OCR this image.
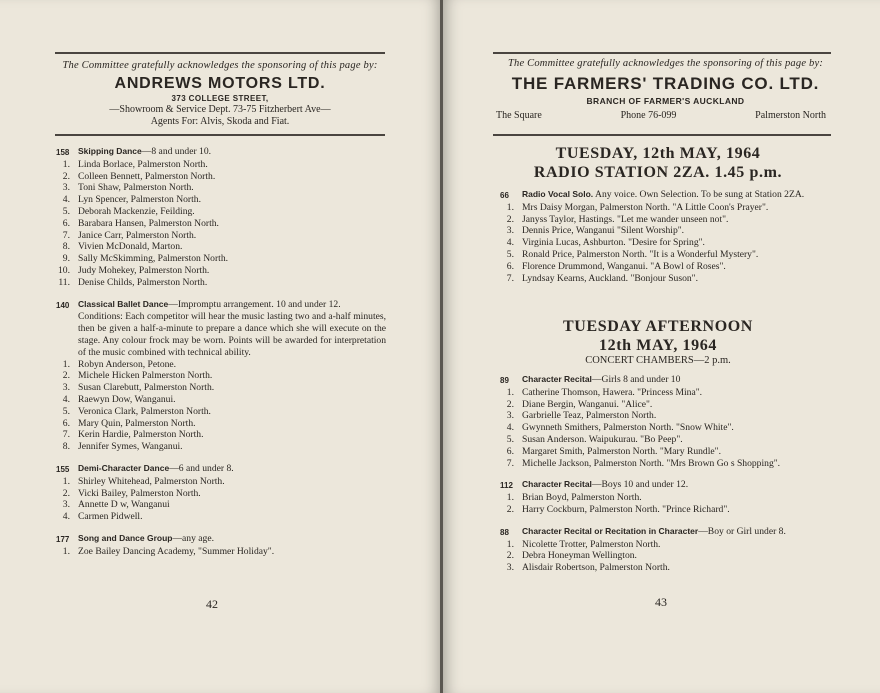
The Committee gratefully acknowledges the sponsoring of this page by:
ANDREWS MOTORS LTD.
373 COLLEGE STREET,
—Showroom & Service Dept. 73-75 Fitzherbert Ave—
Agents For: Alvis, Skoda and Fiat.
158	Skipping Dance—8 and under 10.
1. Linda Borlace, Palmerston North.
2. Colleen Bennett, Palmerston North.
3. Toni Shaw, Palmerston North.
4. Lyn Spencer, Palmerston North.
5. Deborah Mackenzie, Feilding.
6. Barabara Hansen, Palmerston North.
7. Janice Carr, Palmerston North.
8. Vivien McDonald, Marton.
9. Sally McSkimming, Palmerston North.
10. Judy Mohekey, Palmerston North.
11. Denise Childs, Palmerston North.
140	Classical Ballet Dance—Impromptu arrangement. 10 and under 12.
Conditions: Each competitor will hear the music lasting two and a-half minutes, then be given a half-a-minute to prepare a dance which she will execute on the stage. Any colour frock may be worn. Points will be awarded for interpretation of the music combined with technical ability.
1. Robyn Anderson, Petone.
2. Michele Hicken Palmerston North.
3. Susan Clarebutt, Palmerston North.
4. Raewyn Dow, Wanganui.
5. Veronica Clark, Palmerston North.
6. Mary Quin, Palmerston North.
7. Kerin Hardie, Palmerston North.
8. Jennifer Symes, Wanganui.
155	Demi-Character Dance—6 and under 8.
1. Shirley Whitehead, Palmerston North.
2. Vicki Bailey, Palmerston North.
3. Annette D w, Wanganui
4. Carmen Pidwell.
177	Song and Dance Group—any age.
1. Zoe Bailey Dancing Academy, "Summer Holiday".
42
The Committee gratefully acknowledges the sponsoring of this page by:
THE FARMERS' TRADING CO. LTD.
BRANCH OF FARMER'S AUCKLAND
The Square	Phone 76-099	Palmerston North
TUESDAY, 12th MAY, 1964
RADIO STATION 2ZA. 1.45 p.m.
66	Radio Vocal Solo. Any voice. Own Selection. To be sung at Station 2ZA.
1. Mrs Daisy Morgan, Palmerston North. "A Little Coon's Prayer".
2. Janyss Taylor, Hastings. "Let me wander unseen not".
3. Dennis Price, Wanganui "Silent Worship".
4. Virginia Lucas, Ashburton. "Desire for Spring".
5. Ronald Price, Palmerston North. "It is a Wonderful Mystery".
6. Florence Drummond, Wanganui. "A Bowl of Roses".
7. Lyndsay Kearns, Auckland. "Bonjour Suson".
TUESDAY AFTERNOON
12th MAY, 1964
CONCERT CHAMBERS—2 p.m.
89	Character Recital—Girls 8 and under 10
1. Catherine Thomson, Hawera. "Princess Mina".
2. Diane Bergin, Wanganui. "Alice".
3. Garbrielle Teaz, Palmerston North.
4. Gwynneth Smithers, Palmerston North. "Snow White".
5. Susan Anderson. Waipukurau. "Bo Peep".
6. Margaret Smith, Palmerston North. "Mary Rundle".
7. Michelle Jackson, Palmerston North. "Mrs Brown Go s Shopping".
112	Character Recital—Boys 10 and under 12.
1. Brian Boyd, Palmerston North.
2. Harry Cockburn, Palmerston North. "Prince Richard".
88	Character Recital or Recitation in Character—Boy or Girl under 8.
1. Nicolette Trotter, Palmerston North.
2. Debra Honeyman Wellington.
3. Alisdair Robertson, Palmerston North.
43
